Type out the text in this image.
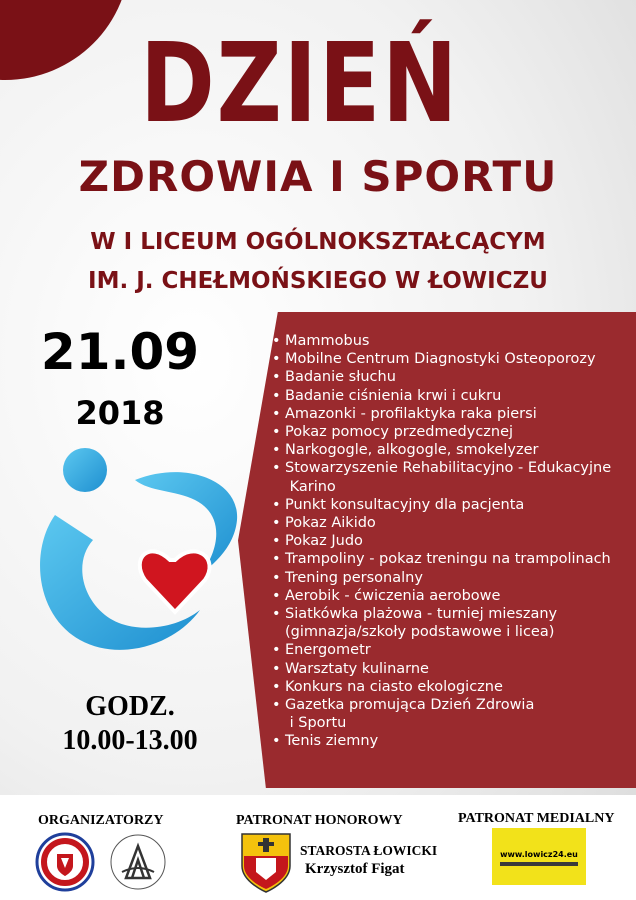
DZIEŃ
ZDROWIA I SPORTU
W I LICEUM OGÓLNOKSZTAŁCĄCYM
IM. J. CHEŁMOŃSKIEGO W ŁOWICZU
21.09
2018
GODZ.
10.00-13.00
• Mammobus
• Mobilne Centrum Diagnostyki Osteoporozy
• Badanie słuchu
• Badanie ciśnienia krwi i cukru
• Amazonki - profilaktyka raka piersi
• Pokaz pomocy przedmedycznej
• Narkogogle, alkogogle, smokelyzer
• Stowarzyszenie Rehabilitacyjno - Edukacyjne
Karino
• Punkt konsultacyjny dla pacjenta
• Pokaz Aikido
• Pokaz Judo
• Trampoliny - pokaz treningu na trampolinach
• Trening personalny
• Aerobik - ćwiczenia aerobowe
• Siatkówka plażowa - turniej mieszany
(gimnazja/szkoły podstawowe i licea)
• Energometr
• Warsztaty kulinarne
• Konkurs na ciasto ekologiczne
• Gazetka promująca Dzień Zdrowia
i Sportu
• Tenis ziemny
ORGANIZATORZY	PATRONAT HONOROWY	PATRONAT MEDIALNY
STAROSTA ŁOWICKI
Krzysztof Figat
www.lowicz24.eu
